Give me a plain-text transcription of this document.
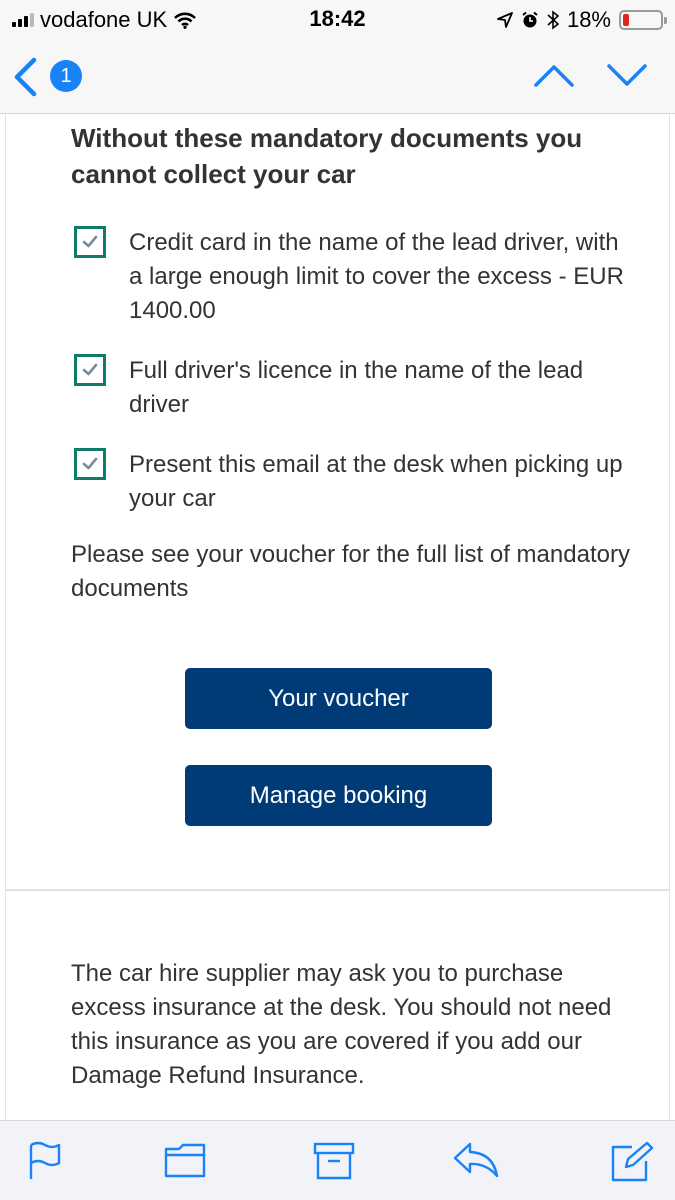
vodafone UK	18:42	18%
1
Without these mandatory documents you cannot collect your car
Credit card in the name of the lead driver, with a large enough limit to cover the excess - EUR 1400.00
Full driver's licence in the name of the lead driver
Present this email at the desk when picking up your car
Please see your voucher for the full list of mandatory documents
Your voucher
Manage booking
The car hire supplier may ask you to purchase excess insurance at the desk. You should not need this insurance as you are covered if you add our Damage Refund Insurance.
